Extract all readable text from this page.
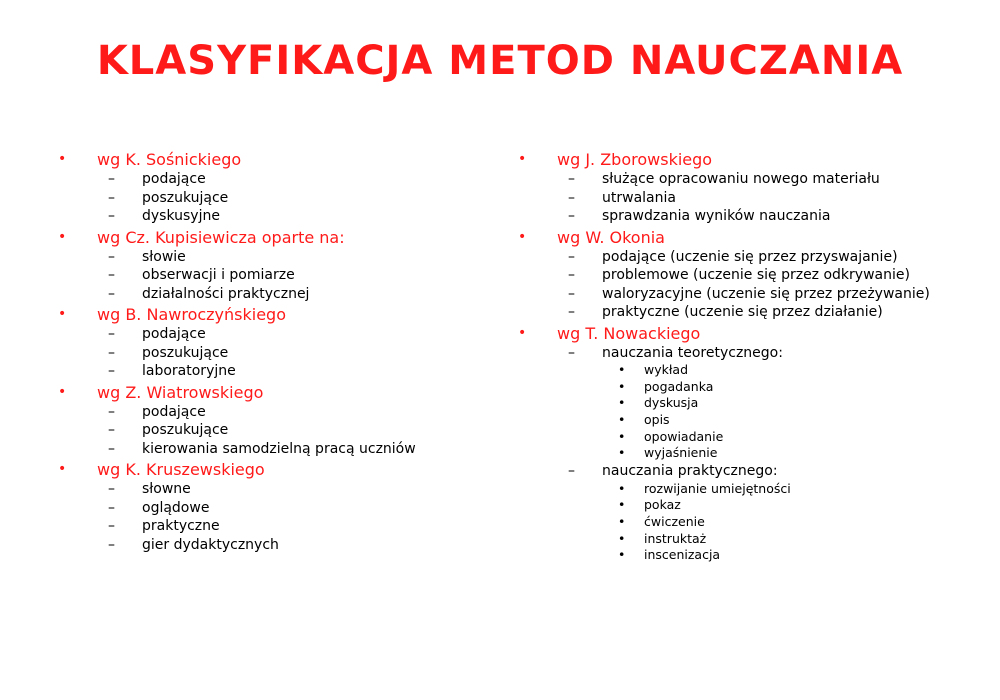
KLASYFIKACJA METOD NAUCZANIA
• wg K. Sośnickiego
– podające
– poszukujące
– dyskusyjne
• wg Cz. Kupisiewicza oparte na:
– słowie
– obserwacji i pomiarze
– działalności praktycznej
• wg B. Nawroczyńskiego
– podające
– poszukujące
– laboratoryjne
• wg Z. Wiatrowskiego
– podające
– poszukujące
– kierowania samodzielną pracą uczniów
• wg K. Kruszewskiego
– słowne
– oglądowe
– praktyczne
– gier dydaktycznych
• wg J. Zborowskiego
– służące opracowaniu nowego materiału
– utrwalania
– sprawdzania wyników nauczania
• wg W. Okonia
– podające (uczenie się przez przyswajanie)
– problemowe (uczenie się przez odkrywanie)
– waloryzacyjne (uczenie się przez przeżywanie)
– praktyczne (uczenie się przez działanie)
• wg T. Nowackiego
– nauczania teoretycznego:
• wykład
• pogadanka
• dyskusja
• opis
• opowiadanie
• wyjaśnienie
– nauczania praktycznego:
• rozwijanie umiejętności
• pokaz
• ćwiczenie
• instruktaż
• inscenizacja
